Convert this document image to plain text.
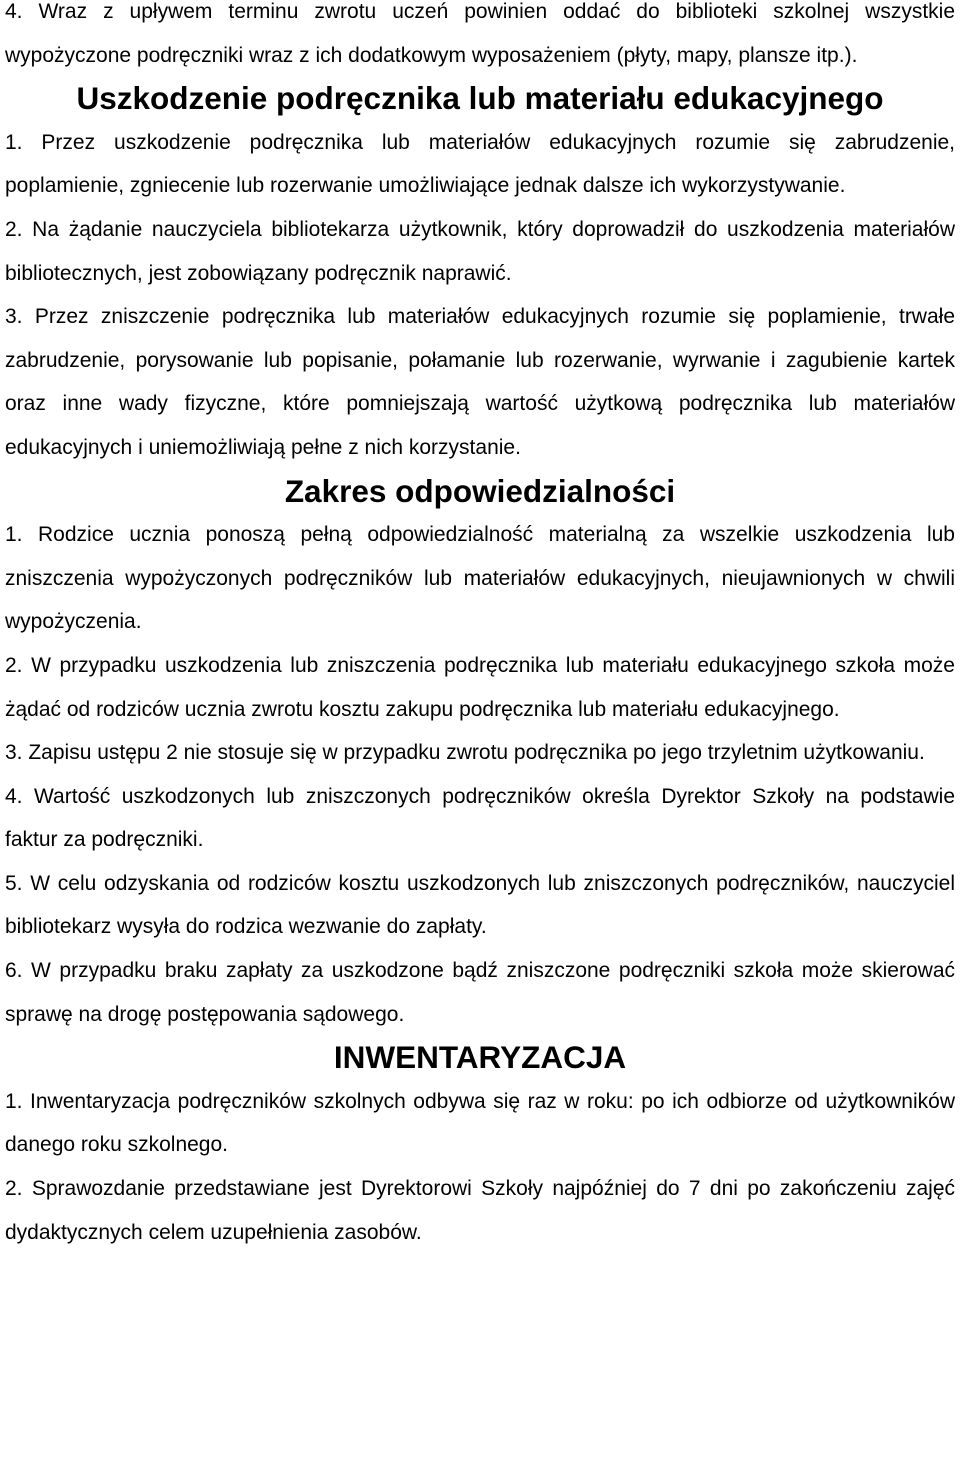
4. Wraz z upływem terminu zwrotu uczeń powinien oddać do biblioteki szkolnej wszystkie wypożyczone podręczniki wraz z ich dodatkowym wyposażeniem (płyty, mapy, plansze itp.).

Uszkodzenie podręcznika lub materiału edukacyjnego

1. Przez uszkodzenie podręcznika lub materiałów edukacyjnych rozumie się zabrudzenie, poplamienie, zgniecenie lub rozerwanie umożliwiające jednak dalsze ich wykorzystywanie.

2. Na żądanie nauczyciela bibliotekarza użytkownik, który doprowadził do uszkodzenia materiałów bibliotecznych, jest zobowiązany podręcznik naprawić.

3. Przez zniszczenie podręcznika lub materiałów edukacyjnych rozumie się poplamienie, trwałe zabrudzenie, porysowanie lub popisanie, połamanie lub rozerwanie, wyrwanie i zagubienie kartek oraz inne wady fizyczne, które pomniejszają wartość użytkową podręcznika lub materiałów edukacyjnych i uniemożliwiają pełne z nich korzystanie.

Zakres odpowiedzialności

1. Rodzice ucznia ponoszą pełną odpowiedzialność materialną za wszelkie uszkodzenia lub zniszczenia wypożyczonych podręczników lub materiałów edukacyjnych, nieujawnionych w chwili wypożyczenia.

2. W przypadku uszkodzenia lub zniszczenia podręcznika lub materiału edukacyjnego szkoła może żądać od rodziców ucznia zwrotu kosztu zakupu podręcznika lub materiału edukacyjnego.

3. Zapisu ustępu 2 nie stosuje się w przypadku zwrotu podręcznika po jego trzyletnim użytkowaniu.

4. Wartość uszkodzonych lub zniszczonych podręczników określa Dyrektor Szkoły na podstawie faktur za podręczniki.

5. W celu odzyskania od rodziców kosztu uszkodzonych lub zniszczonych podręczników, nauczyciel bibliotekarz wysyła do rodzica wezwanie do zapłaty.

6. W przypadku braku zapłaty za uszkodzone bądź zniszczone podręczniki szkoła może skierować sprawę na drogę postępowania sądowego.

INWENTARYZACJA

1. Inwentaryzacja podręczników szkolnych odbywa się raz w roku: po ich odbiorze od użytkowników danego roku szkolnego.

2. Sprawozdanie przedstawiane jest Dyrektorowi Szkoły najpóźniej do 7 dni po zakończeniu zajęć dydaktycznych celem uzupełnienia zasobów.
